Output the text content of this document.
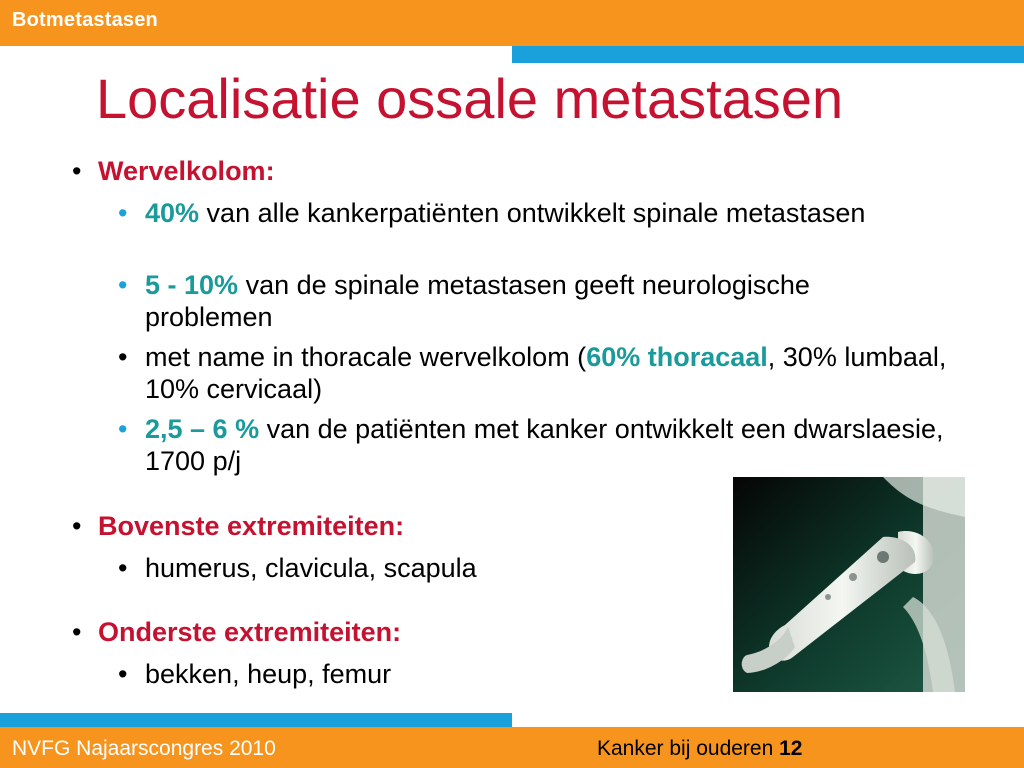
Botmetastasen
Localisatie ossale metastasen
• Wervelkolom:
• 40% van alle kankerpatiënten ontwikkelt spinale metastasen
• 5 - 10% van de spinale metastasen geeft neurologische problemen
• met name in thoracale wervelkolom (60% thoracaal, 30% lumbaal, 10% cervicaal)
• 2,5 – 6 % van de patiënten met kanker ontwikkelt een dwarslaesie, 1700 p/j
• Bovenste extremiteiten:
• humerus, clavicula, scapula
• Onderste extremiteiten:
• bekken, heup, femur
NVFG Najaarscongres 2010	Kanker bij ouderen 12
